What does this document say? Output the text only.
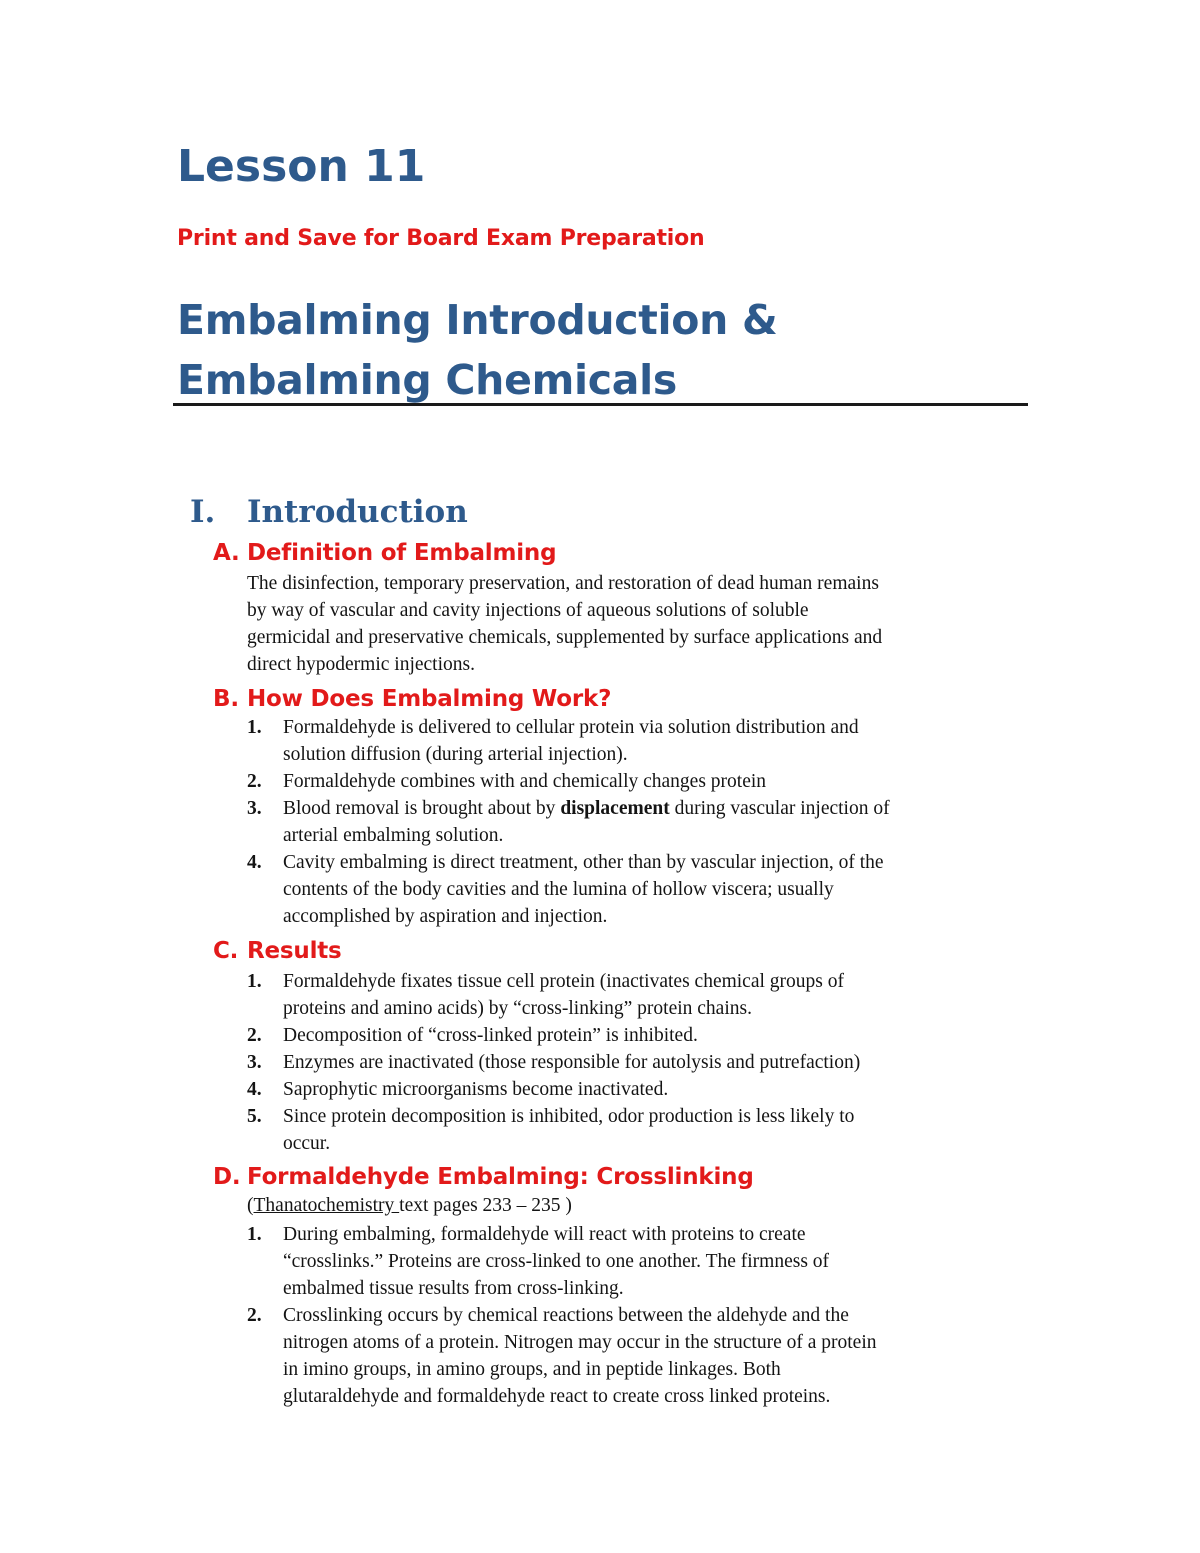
Lesson 11

Print and Save for Board Exam Preparation

Embalming Introduction &
Embalming Chemicals
I. Introduction
A. Definition of Embalming

The disinfection, temporary preservation, and restoration of dead human remains
by way of vascular and cavity injections of aqueous solutions of soluble
germicidal and preservative chemicals, supplemented by surface applications and
direct hypodermic injections.

B. How Does Embalming Work?
1. Formaldehyde is delivered to cellular protein via solution distribution and
solution diffusion (during arterial injection).
2. Formaldehyde combines with and chemically changes protein
3. Blood removal is brought about by displacement during vascular injection of
arterial embalming solution.
4. Cavity embalming is direct treatment, other than by vascular injection, of the
contents of the body cavities and the lumina of hollow viscera; usually
accomplished by aspiration and injection.
C. Results
1. Formaldehyde fixates tissue cell protein (inactivates chemical groups of
proteins and amino acids) by “cross-linking” protein chains.
2. Decomposition of “cross-linked protein” is inhibited.
3. Enzymes are inactivated (those responsible for autolysis and putrefaction)
4. Saprophytic microorganisms become inactivated.
5. Since protein decomposition is inhibited, odor production is less likely to
occur.
D. Formaldehyde Embalming: Crosslinking

(Thanatochemistry text pages 233 – 235 )

1. During embalming, formaldehyde will react with proteins to create
“crosslinks.” Proteins are cross-linked to one another. The firmness of
embalmed tissue results from cross-linking.
2. Crosslinking occurs by chemical reactions between the aldehyde and the
nitrogen atoms of a protein. Nitrogen may occur in the structure of a protein
in imino groups, in amino groups, and in peptide linkages. Both
glutaraldehyde and formaldehyde react to create cross linked proteins.
